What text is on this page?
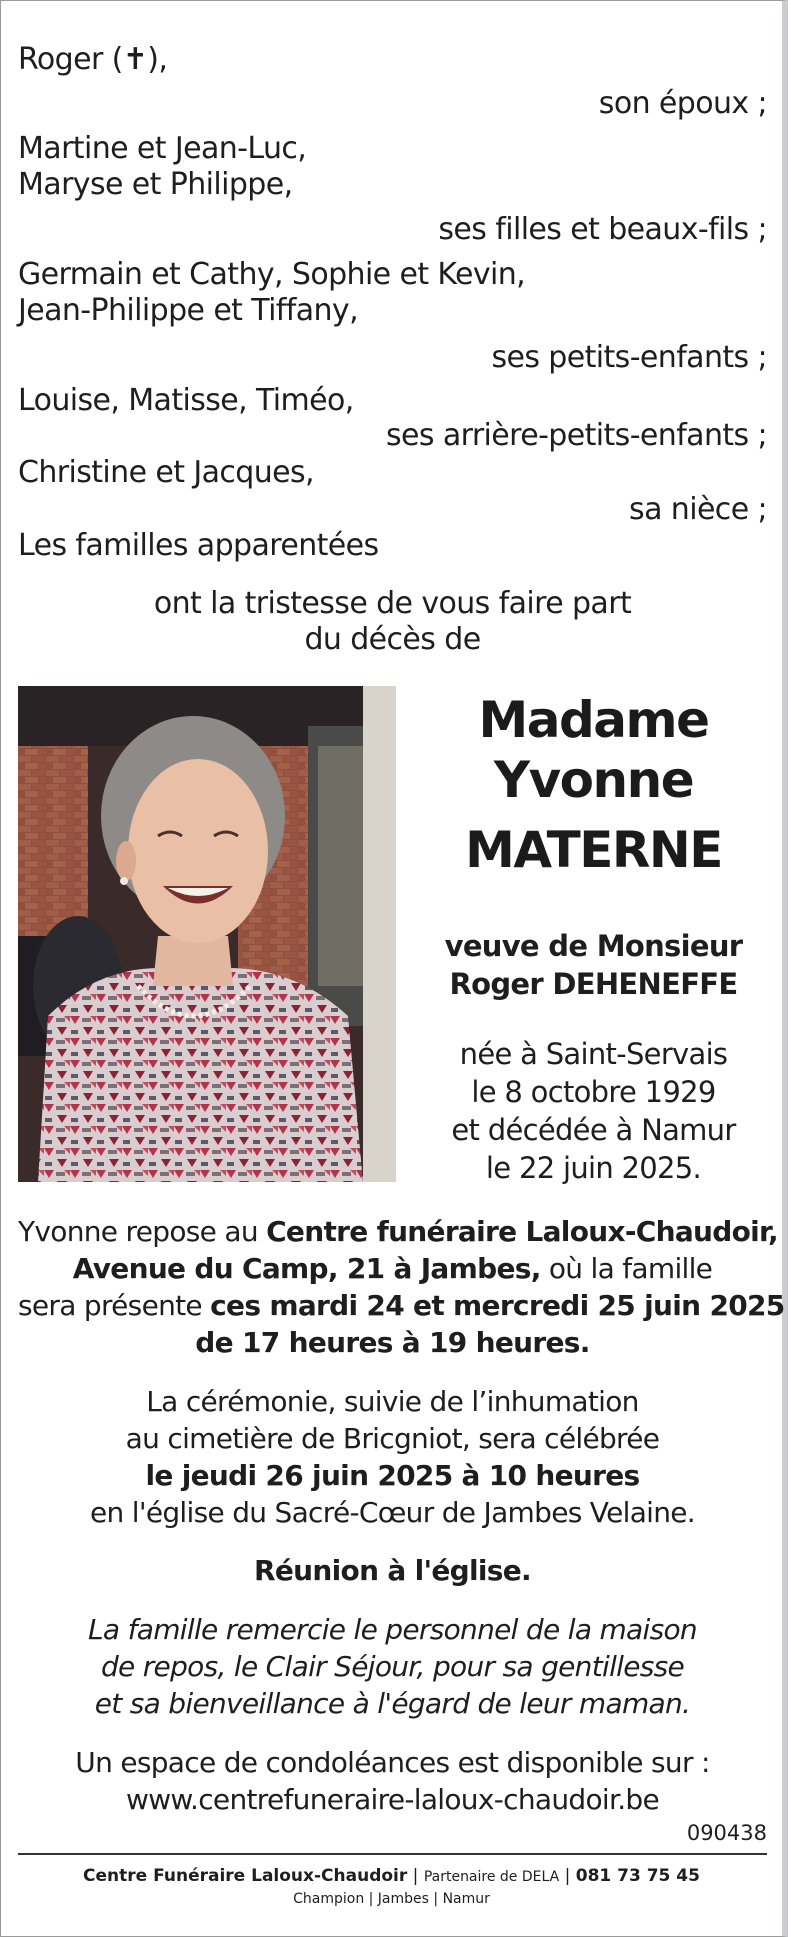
Roger (✝),
son époux ;
Martine et Jean-Luc,
Maryse et Philippe,
ses filles et beaux-fils ;
Germain et Cathy, Sophie et Kevin,
Jean-Philippe et Tiffany,
ses petits-enfants ;
Louise, Matisse, Timéo,
ses arrière-petits-enfants ;
Christine et Jacques,
sa nièce ;
Les familles apparentées
ont la tristesse de vous faire part
du décès de
Madame
Yvonne
MATERNE
veuve de Monsieur
Roger DEHENEFFE
née à Saint-Servais
le 8 octobre 1929
et décédée à Namur
le 22 juin 2025.
Yvonne repose au Centre funéraire Laloux-Chaudoir,
Avenue du Camp, 21 à Jambes, où la famille
sera présente ces mardi 24 et mercredi 25 juin 2025
de 17 heures à 19 heures.
La cérémonie, suivie de l’inhumation
au cimetière de Bricgniot, sera célébrée
le jeudi 26 juin 2025 à 10 heures
en l'église du Sacré-Cœur de Jambes Velaine.
Réunion à l'église.
La famille remercie le personnel de la maison
de repos, le Clair Séjour, pour sa gentillesse
et sa bienveillance à l'égard de leur maman.
Un espace de condoléances est disponible sur :
www.centrefuneraire-laloux-chaudoir.be
090438
Centre Funéraire Laloux-Chaudoir | Partenaire de DELA | 081 73 75 45
Champion | Jambes | Namur
